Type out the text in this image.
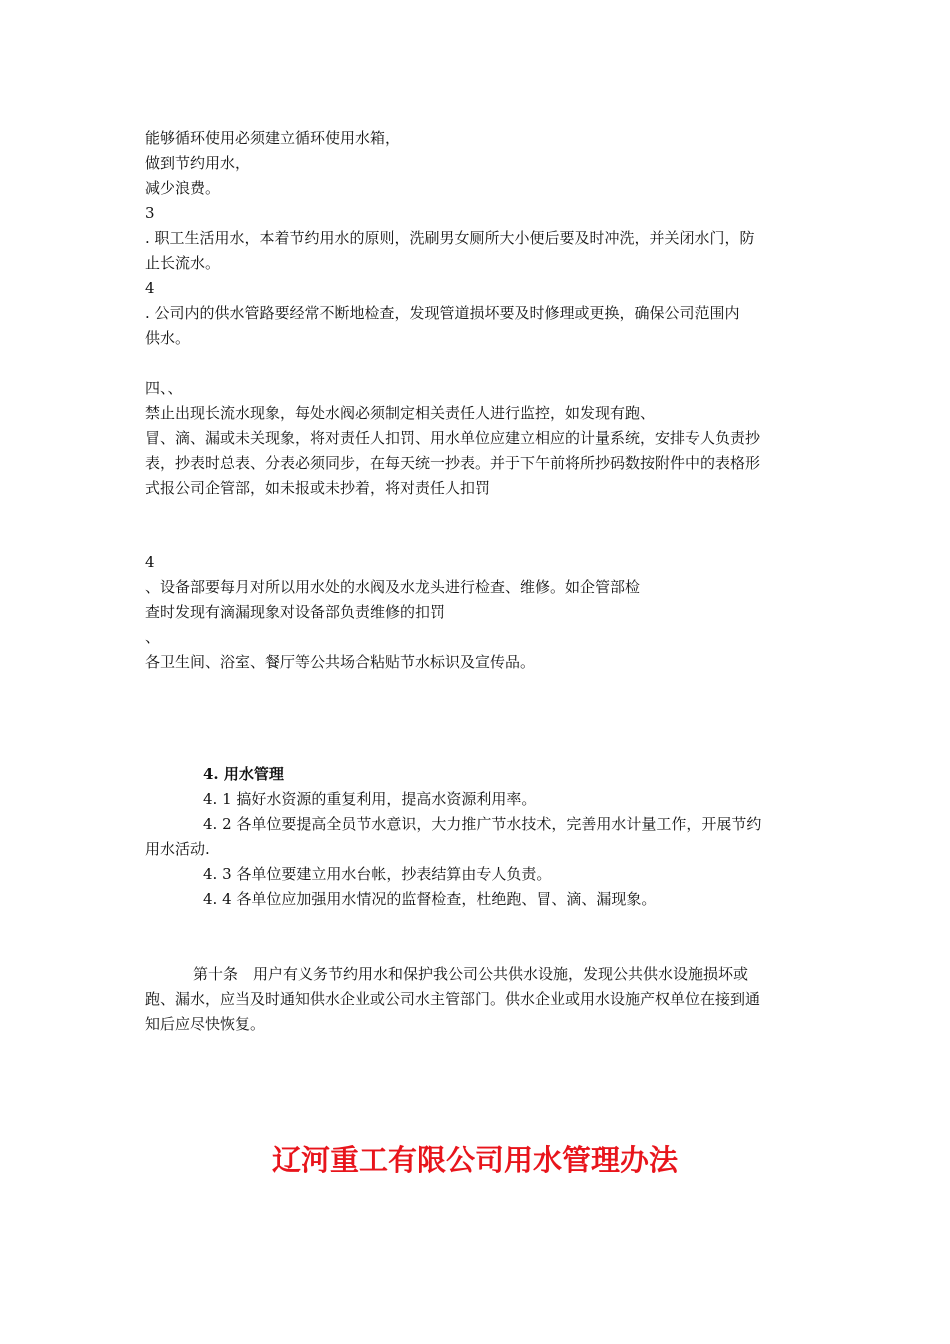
能够循环使用必须建立循环使用水箱，
做到节约用水，
减少浪费。
3
. 职工生活用水，本着节约用水的原则，洗刷男女厕所大小便后要及时冲洗，并关闭水门，防
止长流水。
4
. 公司内的供水管路要经常不断地检查，发现管道损坏要及时修理或更换，确保公司范围内
供水。
四、、
禁止出现长流水现象，每处水阀必须制定相关责任人进行监控，如发现有跑、
冒、滴、漏或未关现象，将对责任人扣罚、用水单位应建立相应的计量系统，安排专人负责抄
表，抄表时总表、分表必须同步，在每天统一抄表。并于下午前将所抄码数按附件中的表格形
式报公司企管部，如未报或未抄着，将对责任人扣罚
4
、设备部要每月对所以用水处的水阀及水龙头进行检查、维修。如企管部检
查时发现有滴漏现象对设备部负责维修的扣罚
、
各卫生间、浴室、餐厅等公共场合粘贴节水标识及宣传品。
4. 用水管理
4. 1 搞好水资源的重复利用，提高水资源利用率。
4. 2 各单位要提高全员节水意识，大力推广节水技术，完善用水计量工作，开展节约
用水活动.
4. 3 各单位要建立用水台帐，抄表结算由专人负责。
4. 4 各单位应加强用水情况的监督检查，杜绝跑、冒、滴、漏现象。
第十条　用户有义务节约用水和保护我公司公共供水设施，发现公共供水设施损坏或
跑、漏水，应当及时通知供水企业或公司水主管部门。供水企业或用水设施产权单位在接到通
知后应尽快恢复。
辽河重工有限公司用水管理办法
